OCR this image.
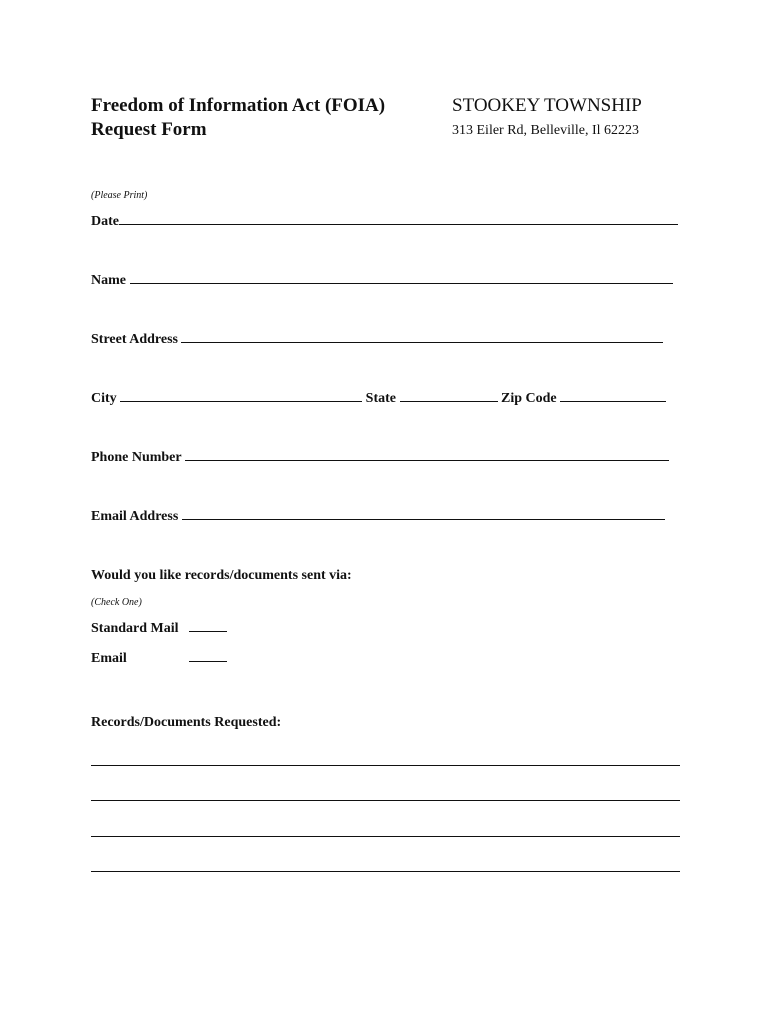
Freedom of Information Act (FOIA)
Request Form
STOOKEY TOWNSHIP
313 Eiler Rd, Belleville, Il 62223
(Please Print)
Date
Name
Street Address
City	State	Zip Code
Phone Number
Email Address
Would you like records/documents sent via:
(Check One)
Standard Mail
Email
Records/Documents Requested:
